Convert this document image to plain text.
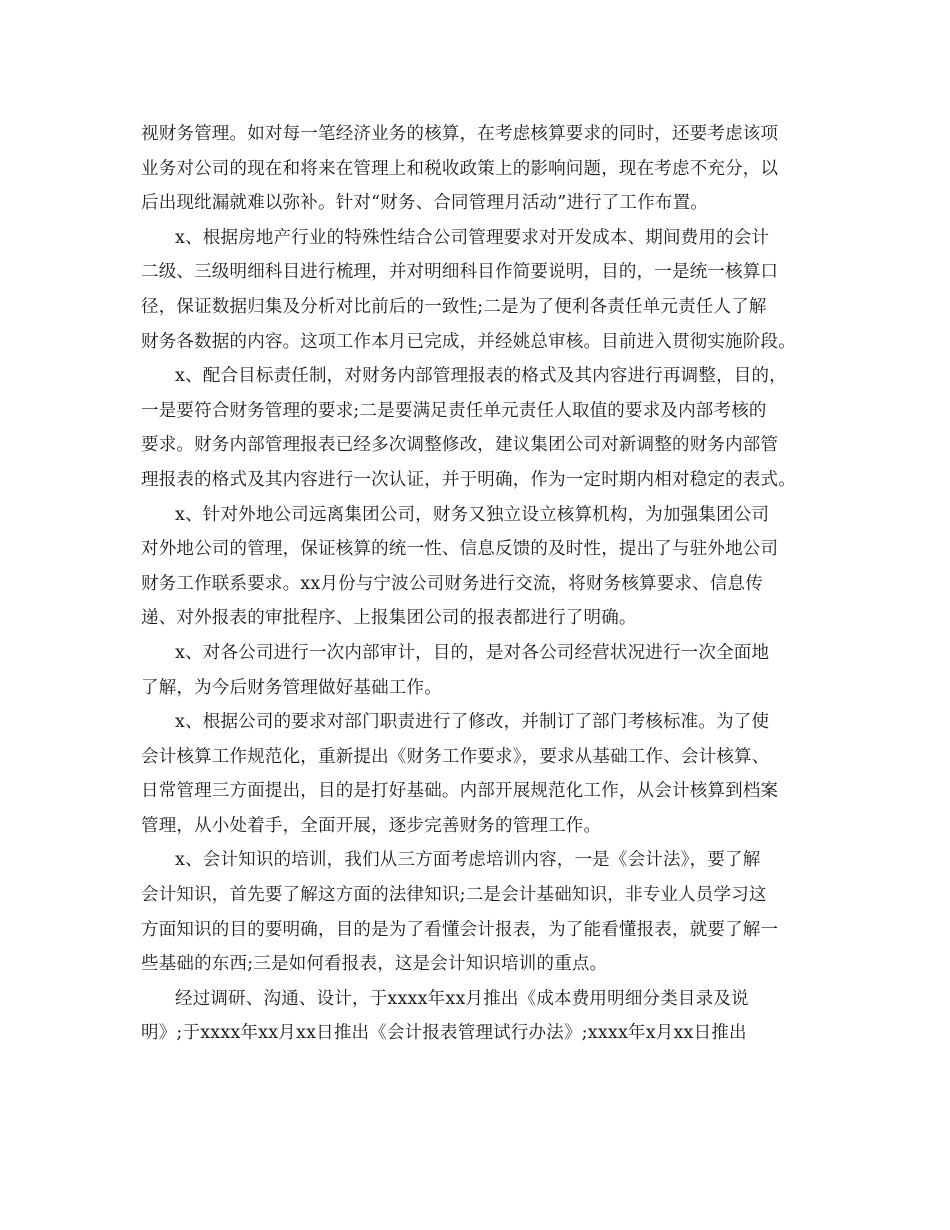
视财务管理。如对每一笔经济业务的核算，在考虑核算要求的同时，还要考虑该项
业务对公司的现在和将来在管理上和税收政策上的影响问题，现在考虑不充分，以
后出现纰漏就难以弥补。针对“财务、合同管理月活动”进行了工作布置。
x、根据房地产行业的特殊性结合公司管理要求对开发成本、期间费用的会计
二级、三级明细科目进行梳理，并对明细科目作简要说明，目的，一是统一核算口
径，保证数据归集及分析对比前后的一致性;二是为了便利各责任单元责任人了解
财务各数据的内容。这项工作本月已完成，并经姚总审核。目前进入贯彻实施阶段。
x、配合目标责任制，对财务内部管理报表的格式及其内容进行再调整，目的，
一是要符合财务管理的要求;二是要满足责任单元责任人取值的要求及内部考核的
要求。财务内部管理报表已经多次调整修改，建议集团公司对新调整的财务内部管
理报表的格式及其内容进行一次认证，并于明确，作为一定时期内相对稳定的表式。
x、针对外地公司远离集团公司，财务又独立设立核算机构，为加强集团公司
对外地公司的管理，保证核算的统一性、信息反馈的及时性，提出了与驻外地公司
财务工作联系要求。xx月份与宁波公司财务进行交流，将财务核算要求、信息传
递、对外报表的审批程序、上报集团公司的报表都进行了明确。
x、对各公司进行一次内部审计，目的，是对各公司经营状况进行一次全面地
了解，为今后财务管理做好基础工作。
x、根据公司的要求对部门职责进行了修改，并制订了部门考核标准。为了使
会计核算工作规范化，重新提出《财务工作要求》，要求从基础工作、会计核算、
日常管理三方面提出，目的是打好基础。内部开展规范化工作，从会计核算到档案
管理，从小处着手，全面开展，逐步完善财务的管理工作。
x、会计知识的培训，我们从三方面考虑培训内容，一是《会计法》，要了解
会计知识，首先要了解这方面的法律知识;二是会计基础知识，非专业人员学习这
方面知识的目的要明确，目的是为了看懂会计报表，为了能看懂报表，就要了解一
些基础的东西;三是如何看报表，这是会计知识培训的重点。
经过调研、沟通、设计，于xxxx年xx月推出《成本费用明细分类目录及说
明》;于xxxx年xx月xx日推出《会计报表管理试行办法》;xxxx年x月xx日推出
